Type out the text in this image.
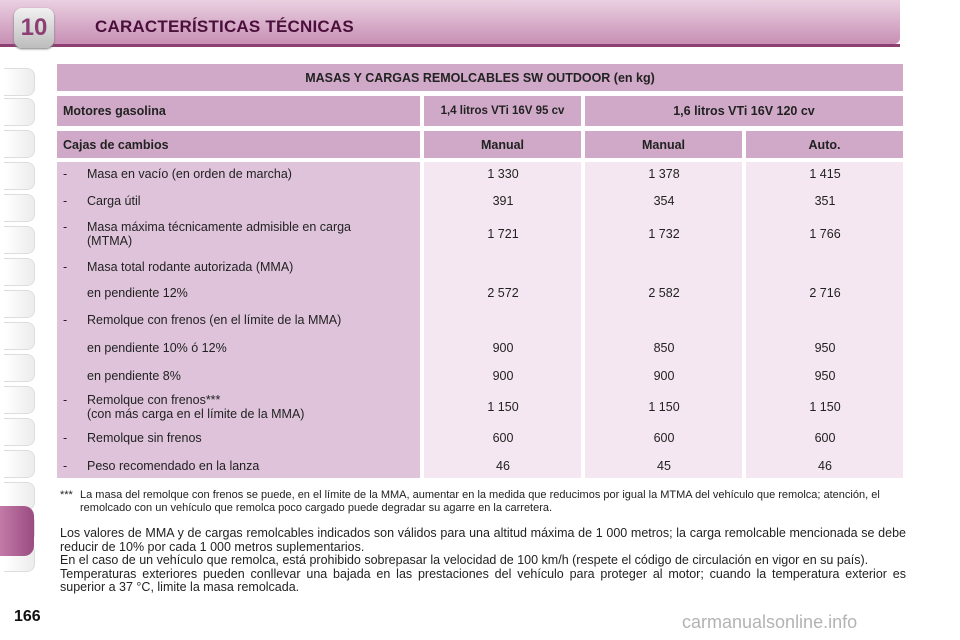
10	CARACTERÍSTICAS TÉCNICAS
166
MASAS Y CARGAS REMOLCABLES SW OUTDOOR (en kg)
Motores gasolina	1,4 litros VTi 16V 95 cv	1,6 litros VTi 16V 120 cv
Cajas de cambios	Manual	Manual	Auto.
- Masa en vacío (en orden de marcha)	1 330	1 378	1 415
- Carga útil	391	354	351
- Masa máxima técnicamente admisible en carga
(MTMA)	1 721	1 732	1 766
- Masa total rodante autorizada (MMA)
en pendiente 12%	2 572	2 582	2 716
- Remolque con frenos (en el límite de la MMA)
en pendiente 10% ó 12%	900	850	950
en pendiente 8%	900	900	950
- Remolque con frenos***
(con más carga en el límite de la MMA)	1 150	1 150	1 150
- Remolque sin frenos	600	600	600
- Peso recomendado en la lanza	46	45	46
*** La masa del remolque con frenos se puede, en el límite de la MMA, aumentar en la medida que reducimos por igual la MTMA del vehículo que remolca; atención, el remolcado con un vehículo que remolca poco cargado puede degradar su agarre en la carretera.
Los valores de MMA y de cargas remolcables indicados son válidos para una altitud máxima de 1 000 metros; la carga remolcable mencionada se debe reducir de 10% por cada 1 000 metros suplementarios.
En el caso de un vehículo que remolca, está prohibido sobrepasar la velocidad de 100 km/h (respete el código de circulación en vigor en su país).
Temperaturas exteriores pueden conllevar una bajada en las prestaciones del vehículo para proteger al motor; cuando la temperatura exterior es superior a 37 °C, limite la masa remolcada.
carmanualsonline.info
